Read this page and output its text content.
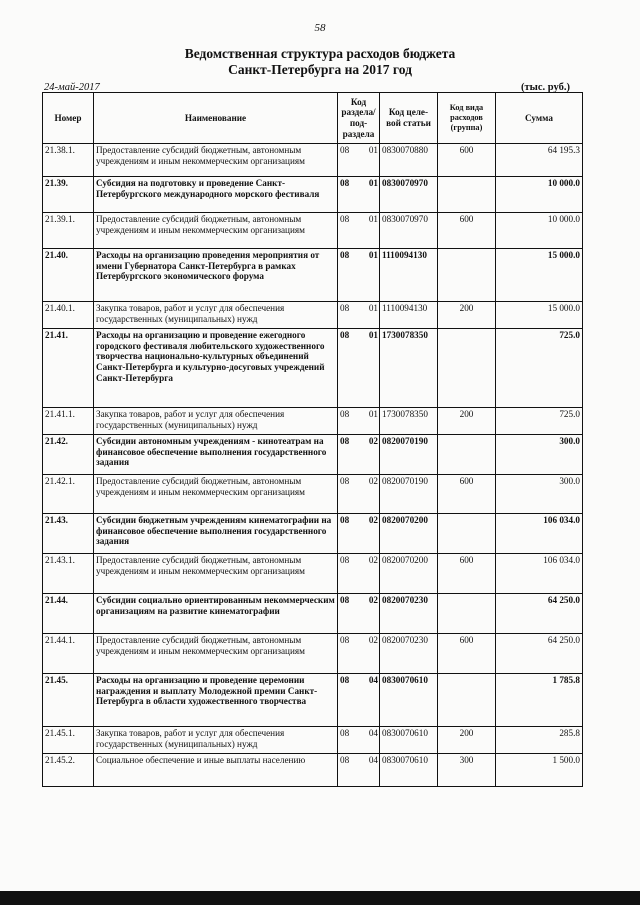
58
Ведомственная структура расходов бюджета
Санкт-Петербурга на 2017 год
24-май-2017	(тыс. руб.)
Номер	Наименование	Код раздела/ под- раздела	Код целе- вой статьи	Код вида расходов (группа)	Сумма
21.38.1.	Предоставление субсидий бюджетным, автономным учреждениям и иным некоммерческим организациям	08 01	0830070880	600	64 195.3
21.39.	Субсидия на подготовку и проведение Санкт-Петербургского международного морского фестиваля	08 01	0830070970		10 000.0
21.39.1.	Предоставление субсидий бюджетным, автономным учреждениям и иным некоммерческим организациям	08 01	0830070970	600	10 000.0
21.40.	Расходы на организацию проведения мероприятия от имени Губернатора Санкт-Петербурга в рамках Петербургского экономического форума	08 01	1110094130		15 000.0
21.40.1.	Закупка товаров, работ и услуг для обеспечения государственных (муниципальных) нужд	08 01	1110094130	200	15 000.0
21.41.	Расходы на организацию и проведение ежегодного городского фестиваля любительского художественного творчества национально-культурных объединений Санкт-Петербурга и культурно-досуговых учреждений Санкт-Петербурга	08 01	1730078350		725.0
21.41.1.	Закупка товаров, работ и услуг для обеспечения государственных (муниципальных) нужд	08 01	1730078350	200	725.0
21.42.	Субсидии автономным учреждениям - кинотеатрам на финансовое обеспечение выполнения государственного задания	08 02	0820070190		300.0
21.42.1.	Предоставление субсидий бюджетным, автономным учреждениям и иным некоммерческим организациям	08 02	0820070190	600	300.0
21.43.	Субсидии бюджетным учреждениям кинематографии на финансовое обеспечение выполнения государственного задания	08 02	0820070200		106 034.0
21.43.1.	Предоставление субсидий бюджетным, автономным учреждениям и иным некоммерческим организациям	08 02	0820070200	600	106 034.0
21.44.	Субсидии социально ориентированным некоммерческим организациям на развитие кинематографии	08 02	0820070230		64 250.0
21.44.1.	Предоставление субсидий бюджетным, автономным учреждениям и иным некоммерческим организациям	08 02	0820070230	600	64 250.0
21.45.	Расходы на организацию и проведение церемонии награждения и выплату Молодежной премии Санкт-Петербурга в области художественного творчества	08 04	0830070610		1 785.8
21.45.1.	Закупка товаров, работ и услуг для обеспечения государственных (муниципальных) нужд	08 04	0830070610	200	285.8
21.45.2.	Социальное обеспечение и иные выплаты населению	08 04	0830070610	300	1 500.0
